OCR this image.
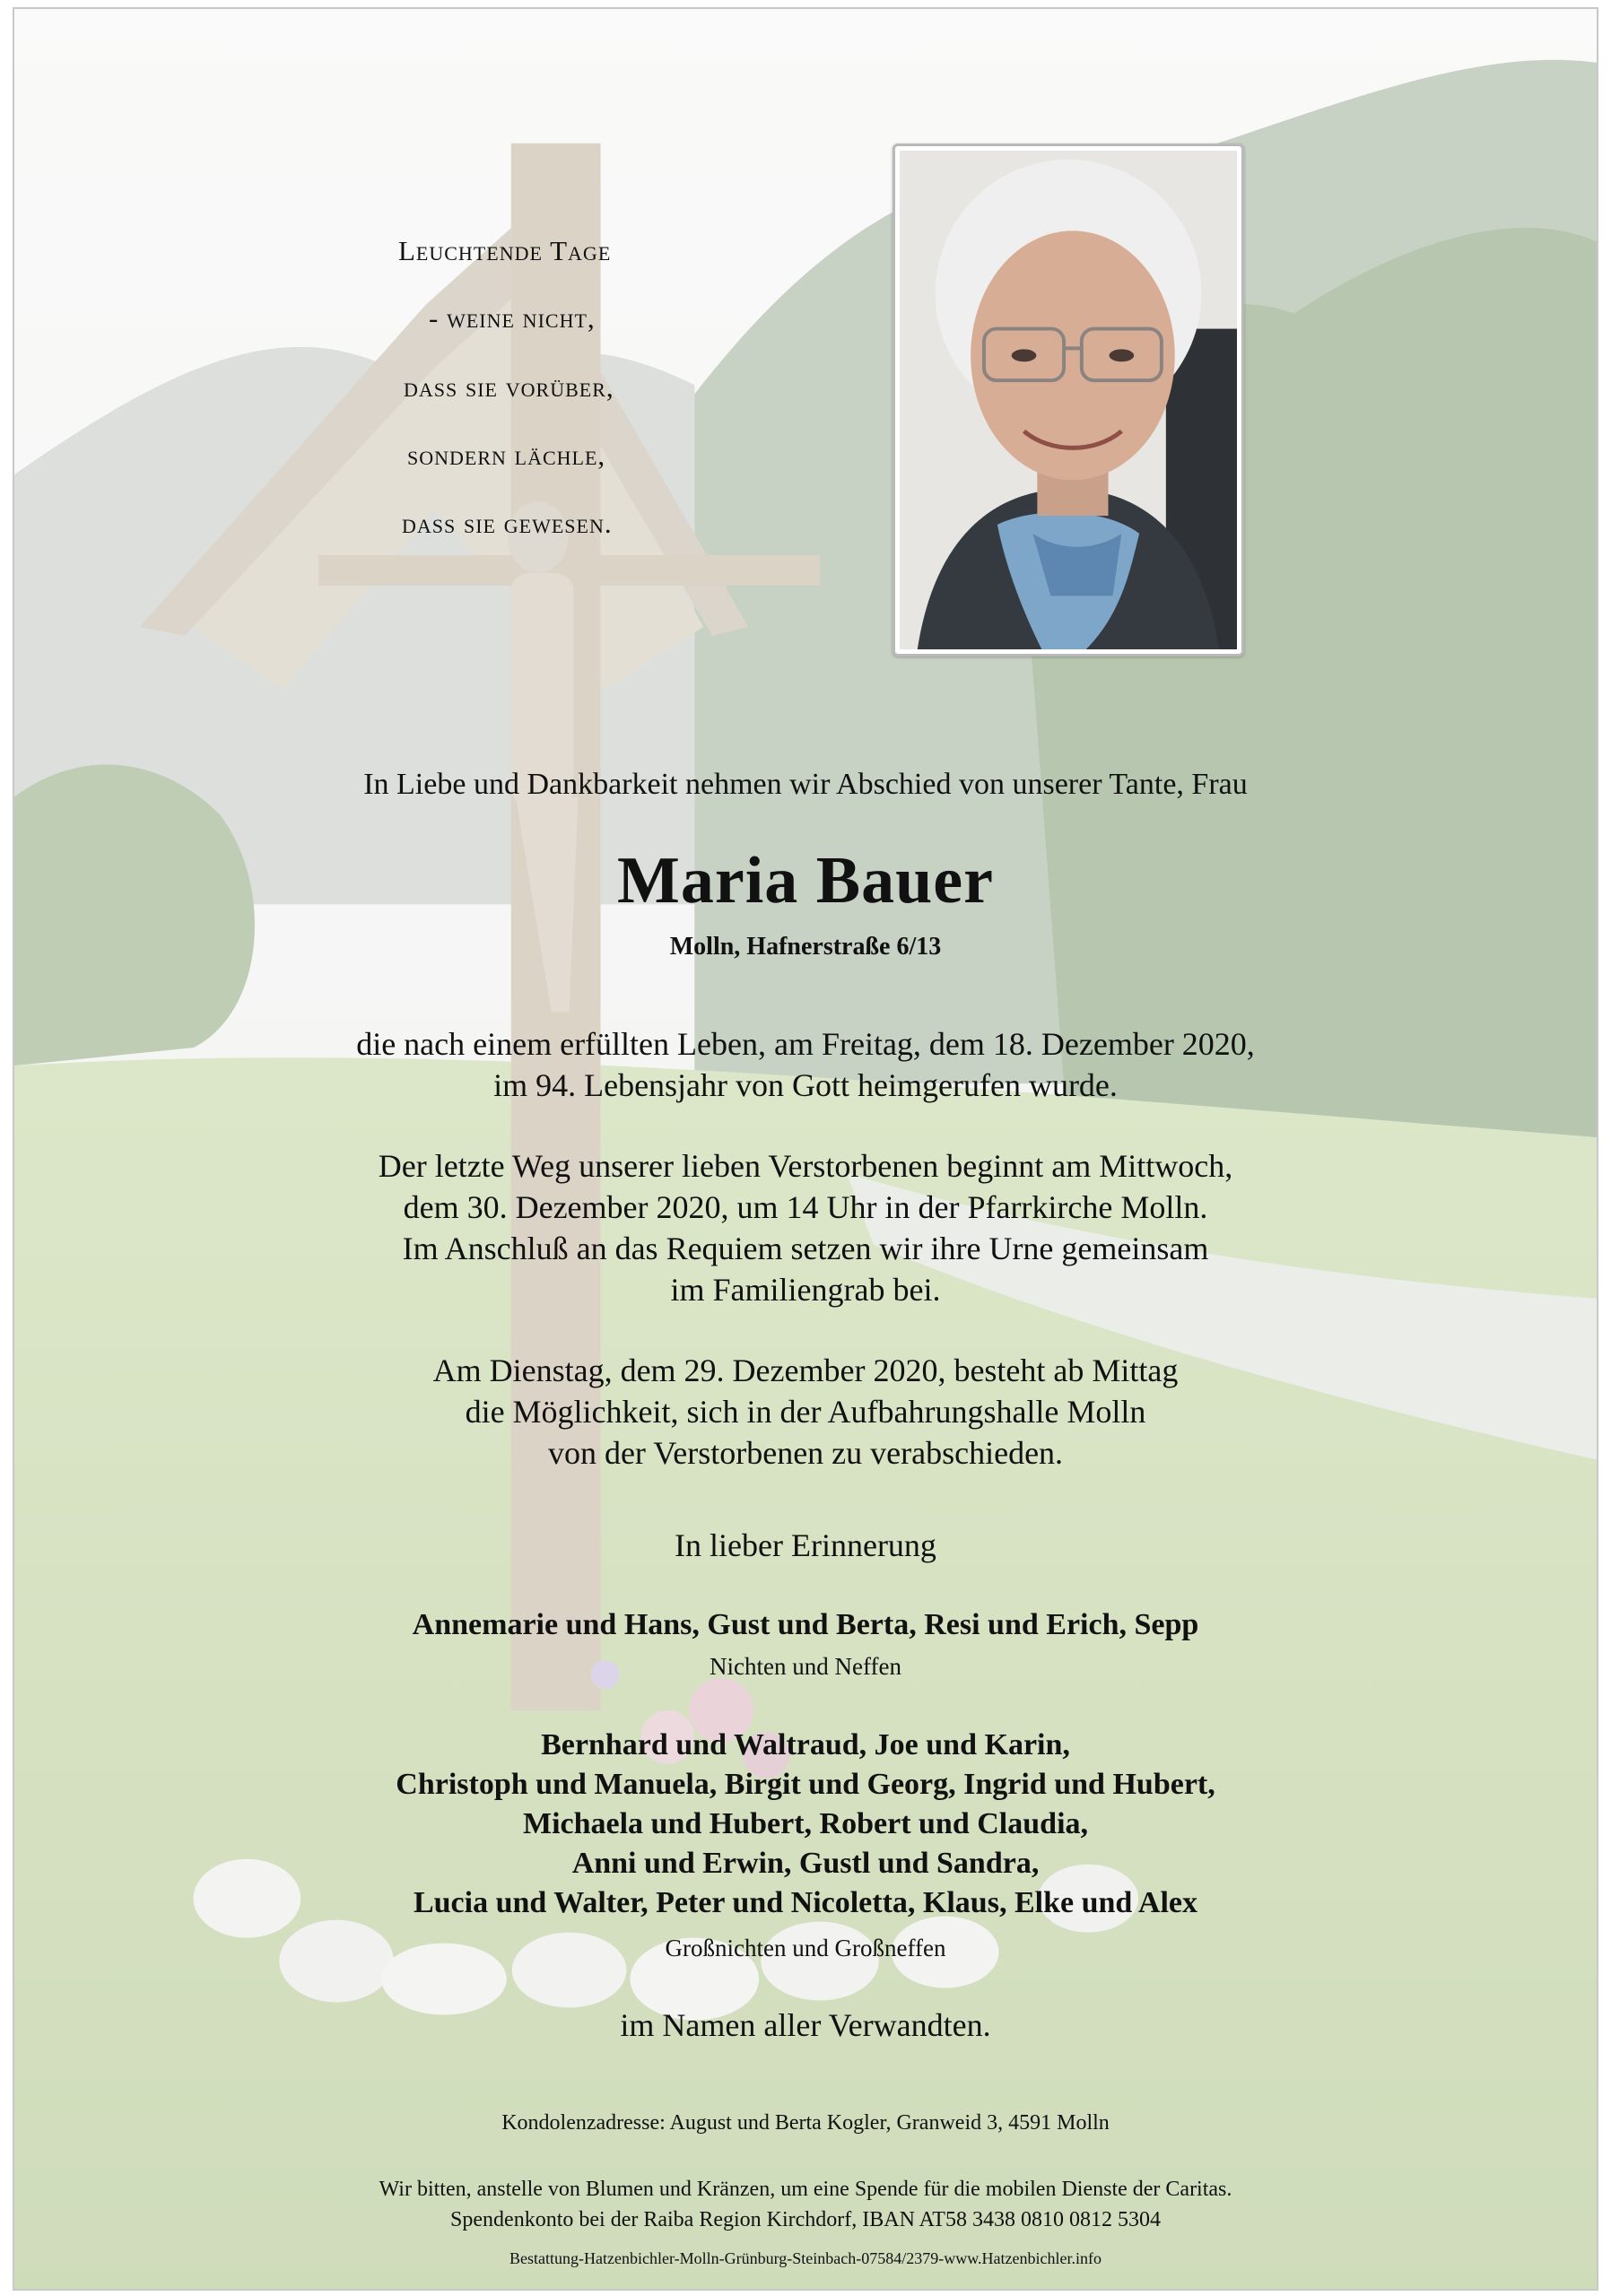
Leuchtende Tage
- weine nicht,
dass sie vorüber,
sondern lächle,
dass sie gewesen.
In Liebe und Dankbarkeit nehmen wir Abschied von unserer Tante, Frau
Maria Bauer
Molln, Hafnerstraße 6/13
die nach einem erfüllten Leben, am Freitag, dem 18. Dezember 2020,
im 94. Lebensjahr von Gott heimgerufen wurde.
Der letzte Weg unserer lieben Verstorbenen beginnt am Mittwoch,
dem 30. Dezember 2020, um 14 Uhr in der Pfarrkirche Molln.
Im Anschluß an das Requiem setzen wir ihre Urne gemeinsam
im Familiengrab bei.
Am Dienstag, dem 29. Dezember 2020, besteht ab Mittag
die Möglichkeit, sich in der Aufbahrungshalle Molln
von der Verstorbenen zu verabschieden.
In lieber Erinnerung
Annemarie und Hans, Gust und Berta, Resi und Erich, Sepp
Nichten und Neffen
Bernhard und Waltraud, Joe und Karin,
Christoph und Manuela, Birgit und Georg, Ingrid und Hubert,
Michaela und Hubert, Robert und Claudia,
Anni und Erwin, Gustl und Sandra,
Lucia und Walter, Peter und Nicoletta, Klaus, Elke und Alex
Großnichten und Großneffen
im Namen aller Verwandten.
Kondolenzadresse: August und Berta Kogler, Granweid 3, 4591 Molln
Wir bitten, anstelle von Blumen und Kränzen, um eine Spende für die mobilen Dienste der Caritas.
Spendenkonto bei der Raiba Region Kirchdorf, IBAN AT58 3438 0810 0812 5304
Bestattung-Hatzenbichler-Molln-Grünburg-Steinbach-07584/2379-www.Hatzenbichler.info
